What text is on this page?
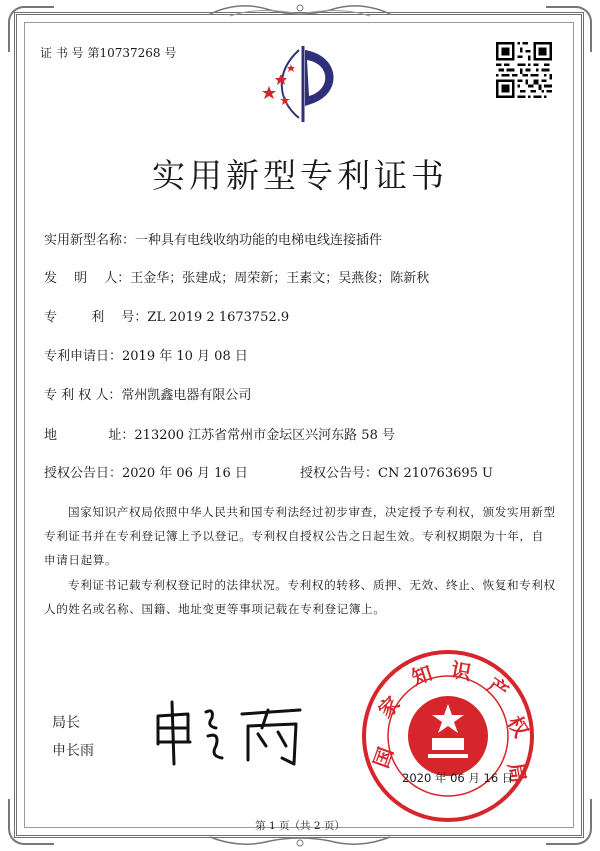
证 书 号 第10737268 号
实用新型专利证书
实用新型名称：一种具有电线收纳功能的电梯电线连接插件
发　 明　 人：王金华；张建成；周荣新；王素文；吴燕俊；陈新秋
专　 　 利　 号：ZL 2019 2 1673752.9
专利申请日：2019 年 10 月 08 日
专 利 权 人：常州凯鑫电器有限公司
地　 　 　 址：213200 江苏省常州市金坛区兴河东路 58 号
授权公告日：2020 年 06 月 16 日	授权公告号：CN 210763695 U
国家知识产权局依照中华人民共和国专利法经过初步审查，决定授予专利权，颁发实用新型专利证书并在专利登记簿上予以登记。专利权自授权公告之日起生效。专利权期限为十年，自申请日起算。
专利证书记载专利权登记时的法律状况。专利权的转移、质押、无效、终止、恢复和专利权人的姓名或名称、国籍、地址变更等事项记载在专利登记簿上。
局长
申长雨	国
家
知 识
产
权
局
2020 年 06 月 16 日
第 1 页（共 2 页）
